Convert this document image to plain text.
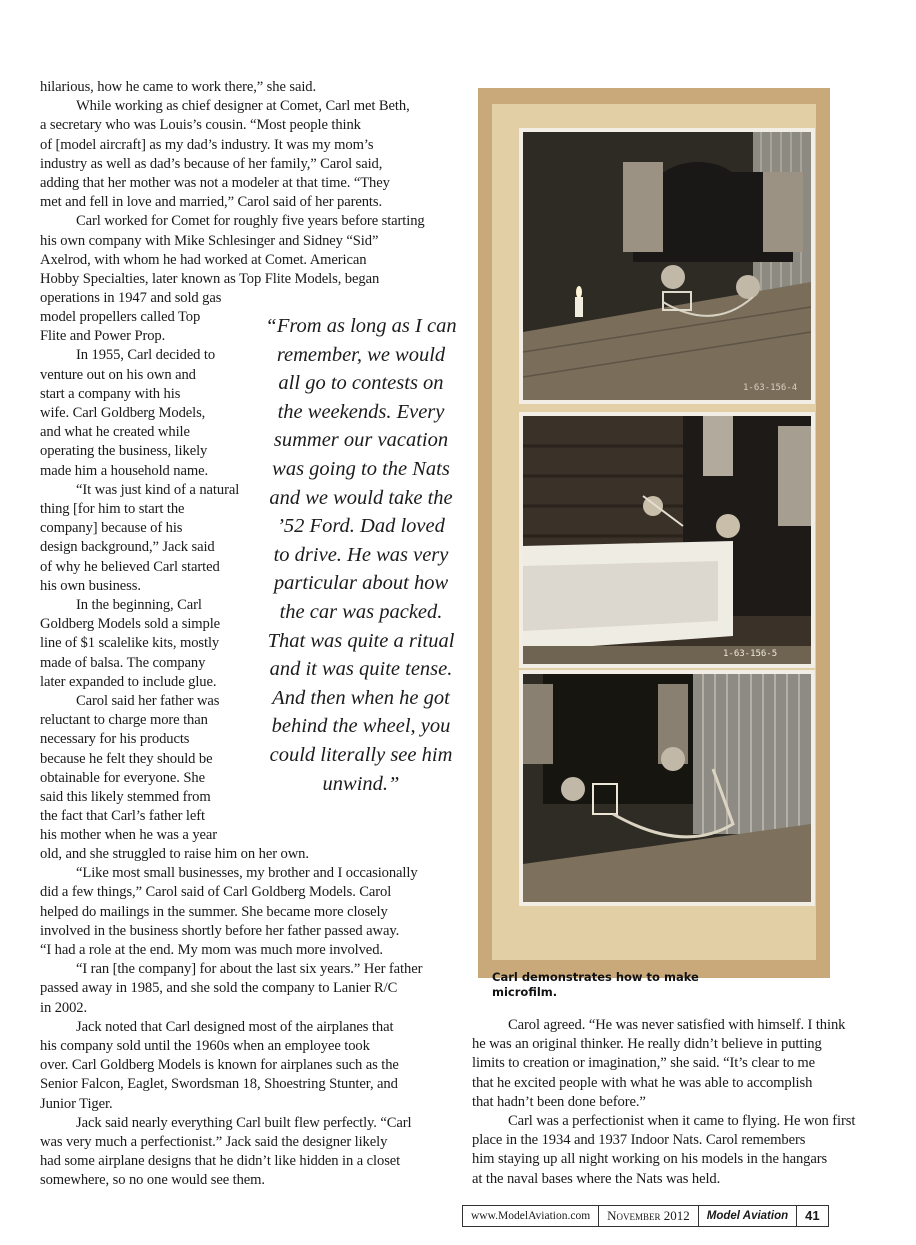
hilarious, how he came to work there,” she said.
While working as chief designer at Comet, Carl met Beth,
a secretary who was Louis’s cousin. “Most people think
of [model aircraft] as my dad’s industry. It was my mom’s
industry as well as dad’s because of her family,” Carol said,
adding that her mother was not a modeler at that time. “They
met and fell in love and married,” Carol said of her parents.
Carl worked for Comet for roughly five years before starting
his own company with Mike Schlesinger and Sidney “Sid”
Axelrod, with whom he had worked at Comet. American
Hobby Specialties, later known as Top Flite Models, began
operations in 1947 and sold gas
model propellers called Top
Flite and Power Prop.
In 1955, Carl decided to
venture out on his own and
start a company with his
wife. Carl Goldberg Models,
and what he created while
operating the business, likely
made him a household name.
“It was just kind of a natural
thing [for him to start the
company] because of his
design background,” Jack said
of why he believed Carl started
his own business.
In the beginning, Carl
Goldberg Models sold a simple
line of $1 scalelike kits, mostly
made of balsa. The company
later expanded to include glue.
Carol said her father was
reluctant to charge more than
necessary for his products
because he felt they should be
obtainable for everyone. She
said this likely stemmed from
the fact that Carl’s father left
his mother when he was a year
old, and she struggled to raise him on her own.
“Like most small businesses, my brother and I occasionally
did a few things,” Carol said of Carl Goldberg Models. Carol
helped do mailings in the summer. She became more closely
involved in the business shortly before her father passed away.
“I had a role at the end. My mom was much more involved.
“I ran [the company] for about the last six years.” Her father
passed away in 1985, and she sold the company to Lanier R/C
in 2002.
Jack noted that Carl designed most of the airplanes that
his company sold until the 1960s when an employee took
over. Carl Goldberg Models is known for airplanes such as the
Senior Falcon, Eaglet, Swordsman 18, Shoestring Stunter, and
Junior Tiger.
Jack said nearly everything Carl built flew perfectly. “Carl
was very much a perfectionist.” Jack said the designer likely
had some airplane designs that he didn’t like hidden in a closet
somewhere, so no one would see them.
“From as long as I can
remember, we would
all go to contests on
the weekends. Every
summer our vacation
was going to the Nats
and we would take the
’52 Ford. Dad loved
to drive. He was very
particular about how
the car was packed.
That was quite a ritual
and it was quite tense.
And then when he got
behind the wheel, you
could literally see him
unwind.”
1-63-156-4
1-63-156-5
Carl demonstrates how to make
microfilm.
Carol agreed. “He was never satisfied with himself. I think
he was an original thinker. He really didn’t believe in putting
limits to creation or imagination,” she said. “It’s clear to me
that he excited people with what he was able to accomplish
that hadn’t been done before.”
Carl was a perfectionist when it came to flying. He won first
place in the 1934 and 1937 Indoor Nats. Carol remembers
him staying up all night working on his models in the hangars
at the naval bases where the Nats was held.
www.ModelAviation.com	November 2012	Model Aviation	41
